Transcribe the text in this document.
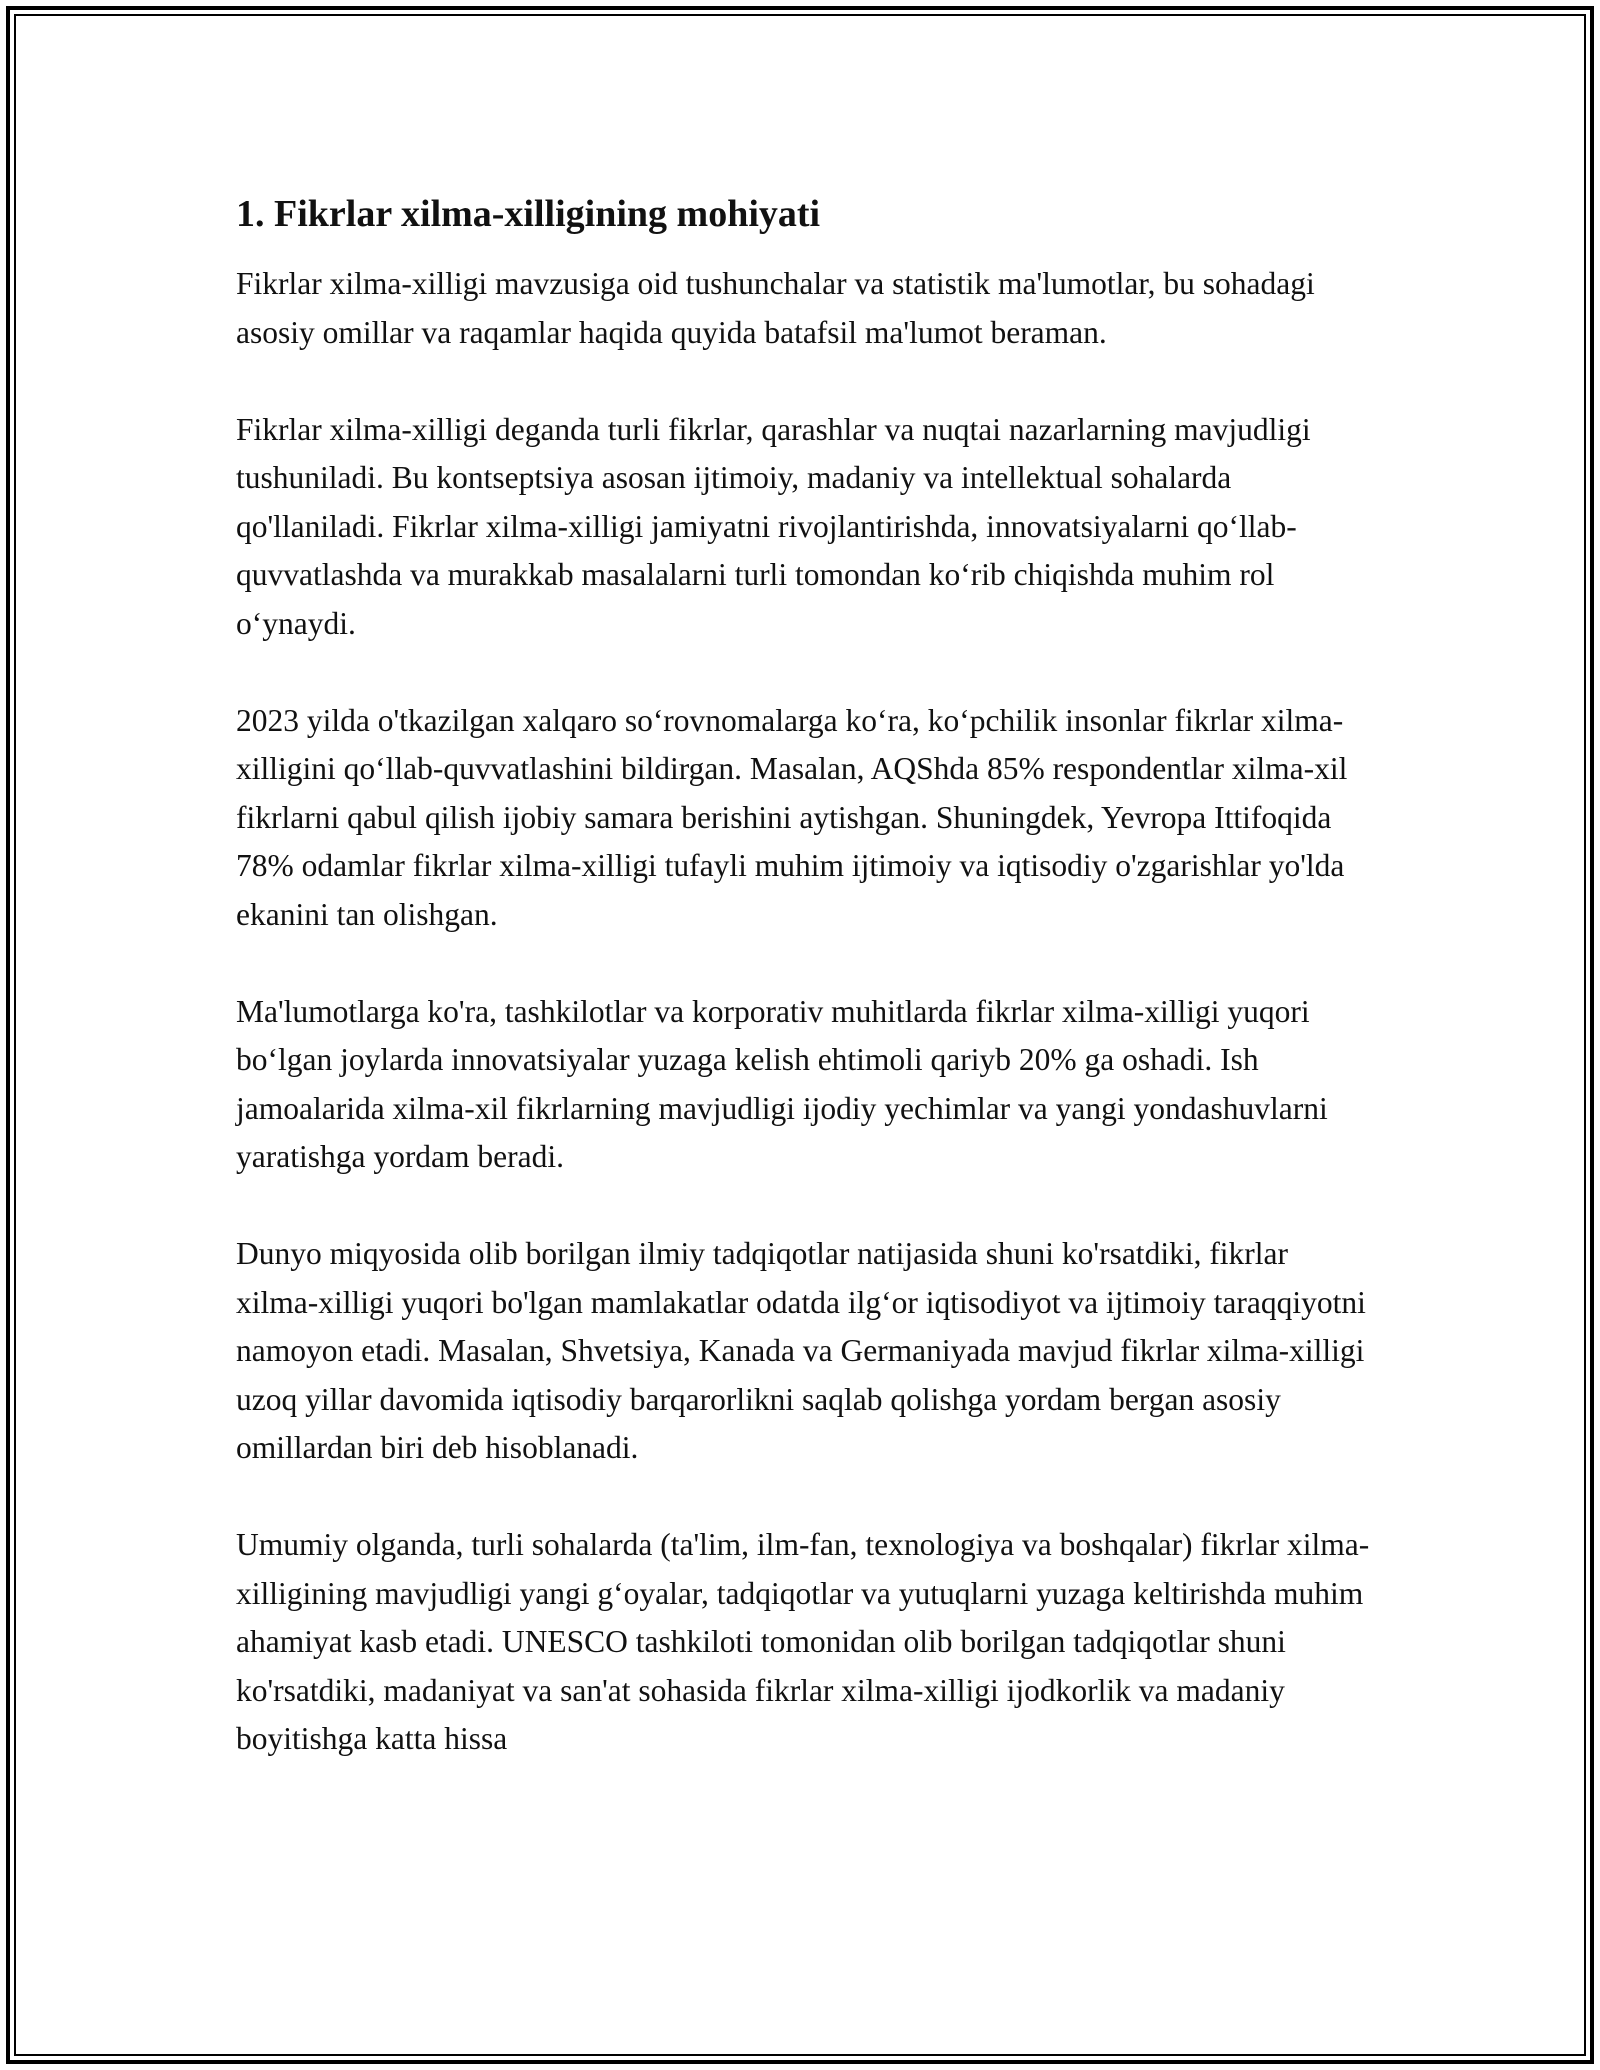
1. Fikrlar xilma-xilligining mohiyati

Fikrlar xilma-xilligi mavzusiga oid tushunchalar va statistik ma'lumotlar, bu sohadagi asosiy omillar va raqamlar haqida quyida batafsil ma'lumot beraman.

Fikrlar xilma-xilligi deganda turli fikrlar, qarashlar va nuqtai nazarlarning mavjudligi tushuniladi. Bu kontseptsiya asosan ijtimoiy, madaniy va intellektual sohalarda qo'llaniladi. Fikrlar xilma-xilligi jamiyatni rivojlantirishda, innovatsiyalarni qo‘llab-quvvatlashda va murakkab masalalarni turli tomondan ko‘rib chiqishda muhim rol o‘ynaydi.

2023 yilda o'tkazilgan xalqaro so‘rovnomalarga ko‘ra, ko‘pchilik insonlar fikrlar xilma-xilligini qo‘llab-quvvatlashini bildirgan. Masalan, AQShda 85% respondentlar xilma-xil fikrlarni qabul qilish ijobiy samara berishini aytishgan. Shuningdek, Yevropa Ittifoqida 78% odamlar fikrlar xilma-xilligi tufayli muhim ijtimoiy va iqtisodiy o'zgarishlar yo'lda ekanini tan olishgan.

Ma'lumotlarga ko'ra, tashkilotlar va korporativ muhitlarda fikrlar xilma-xilligi yuqori bo‘lgan joylarda innovatsiyalar yuzaga kelish ehtimoli qariyb 20% ga oshadi. Ish jamoalarida xilma-xil fikrlarning mavjudligi ijodiy yechimlar va yangi yondashuvlarni yaratishga yordam beradi.

Dunyo miqyosida olib borilgan ilmiy tadqiqotlar natijasida shuni ko'rsatdiki, fikrlar xilma-xilligi yuqori bo'lgan mamlakatlar odatda ilg‘or iqtisodiyot va ijtimoiy taraqqiyotni namoyon etadi. Masalan, Shvetsiya, Kanada va Germaniyada mavjud fikrlar xilma-xilligi uzoq yillar davomida iqtisodiy barqarorlikni saqlab qolishga yordam bergan asosiy omillardan biri deb hisoblanadi.

Umumiy olganda, turli sohalarda (ta'lim, ilm-fan, texnologiya va boshqalar) fikrlar xilma-xilligining mavjudligi yangi g‘oyalar, tadqiqotlar va yutuqlarni yuzaga keltirishda muhim ahamiyat kasb etadi. UNESCO tashkiloti tomonidan olib borilgan tadqiqotlar shuni ko'rsatdiki, madaniyat va san'at sohasida fikrlar xilma-xilligi ijodkorlik va madaniy boyitishga katta hissa
